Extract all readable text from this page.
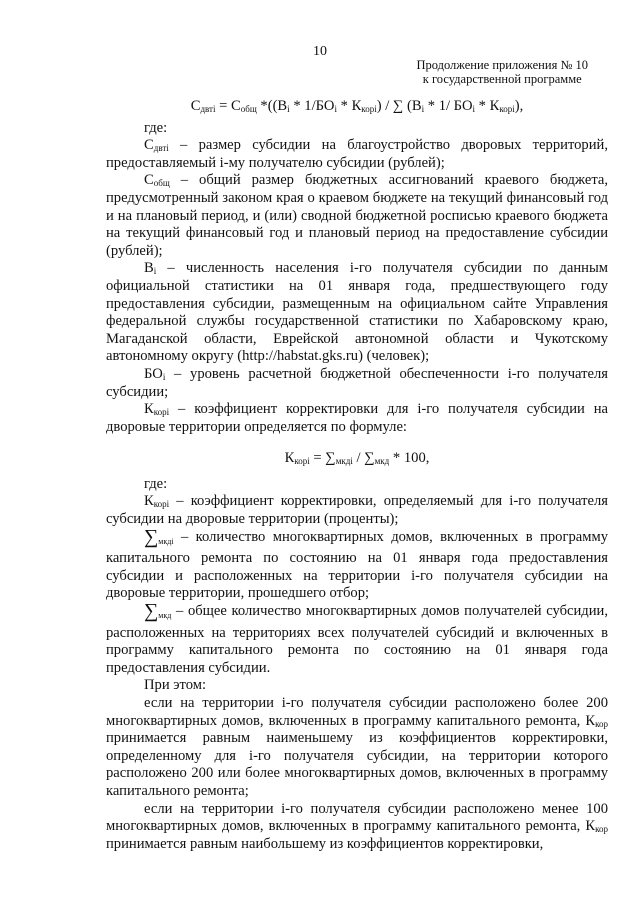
10
Продолжение приложения № 10
к государственной программе
$С_{двтi} = С_{общ}$ $*((В_i * 1/БО_i * К_{корi})$ / ∑ ($В_i * 1/$ $БО_i * К_{корi}$),

где:

$С_{двтi}$ – размер субсидии на благоустройство дворовых территорий, предоставляемый i-му получателю субсидии (рублей);

$С_{общ}$ – общий размер бюджетных ассигнований краевого бюджета, предусмотренный законом края о краевом бюджете на текущий финансовый год и на плановый период, и (или) сводной бюджетной росписью краевого бюджета на текущий финансовый год и плановый период на предоставление субсидии (рублей);

$В_i$ – численность населения i-го получателя субсидии по данным официальной статистики на 01 января года, предшествующего году предоставления субсидии, размещенным на официальном сайте Управления федеральной службы государственной статистики по Хабаровскому краю, Магаданской области, Еврейской автономной области и Чукотскому автономному округу (http://habstat.gks.ru) (человек);

$БО_i$ – уровень расчетной бюджетной обеспеченности i-го получателя субсидии;

$К_{корi}$ – коэффициент корректировки для i-го получателя субсидии на дворовые территории определяется по формуле:

$К_{корi} = \sum_{мкдi} / \sum_{мкд} * 100$,

где:

$К_{корi}$ – коэффициент корректировки, определяемый для i-го получателя субсидии на дворовые территории (проценты);

$\sum_{мкдi}$ – количество многоквартирных домов, включенных в программу капитального ремонта по состоянию на 01 января года предоставления субсидии и расположенных на территории i-го получателя субсидии на дворовые территории, прошедшего отбор;

$\sum_{мкд}$ – общее количество многоквартирных домов получателей субсидии, расположенных на территориях всех получателей субсидий и включенных в программу капитального ремонта по состоянию на 01 января года предоставления субсидии.

При этом:

если на территории i-го получателя субсидии расположено более 200 многоквартирных домов, включенных в программу капитального ремонта, $К_{кор}$ принимается равным наименьшему из коэффициентов корректировки, определенному для i-го получателя субсидии, на территории которого расположено 200 или более многоквартирных домов, включенных в программу капитального ремонта;

если на территории i-го получателя субсидии расположено менее 100 многоквартирных домов, включенных в программу капитального ремонта, $К_{кор}$ принимается равным наибольшему из коэффициентов корректировки,
